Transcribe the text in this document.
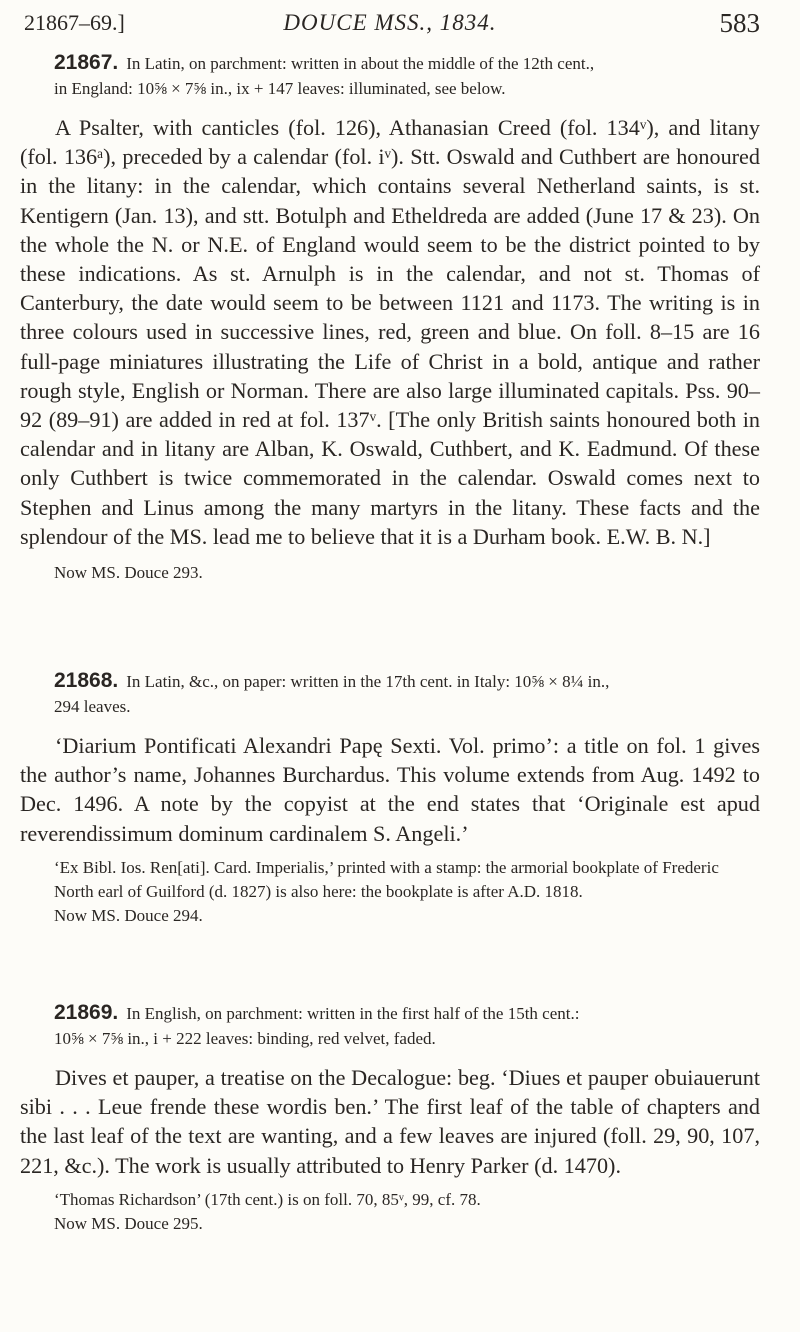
21867–69.]	DOUCE MSS., 1834.	583
21867. In Latin, on parchment: written in about the middle of the 12th cent.,
in England: 10⅝ × 7⅝ in., ix + 147 leaves: illuminated, see below.
A Psalter, with canticles (fol. 126), Athanasian Creed (fol. 134ᵛ), and litany (fol. 136ᵃ), preceded by a calendar (fol. iᵛ). Stt. Oswald and Cuthbert are honoured in the litany: in the calendar, which contains several Netherland saints, is st. Kentigern (Jan. 13), and stt. Botulph and Etheldreda are added (June 17 & 23). On the whole the N. or N.E. of England would seem to be the district pointed to by these indications. As st. Arnulph is in the calendar, and not st. Thomas of Canterbury, the date would seem to be between 1121 and 1173. The writing is in three colours used in successive lines, red, green and blue. On foll. 8–15 are 16 full-page miniatures illustrating the Life of Christ in a bold, antique and rather rough style, English or Norman. There are also large illuminated capitals. Pss. 90–92 (89–91) are added in red at fol. 137ᵛ. [The only British saints honoured both in calendar and in litany are Alban, K. Oswald, Cuthbert, and K. Eadmund. Of these only Cuthbert is twice commemorated in the calendar. Oswald comes next to Stephen and Linus among the many martyrs in the litany. These facts and the splendour of the MS. lead me to believe that it is a Durham book. E.W. B. N.]
Now MS. Douce 293.
21868. In Latin, &c., on paper: written in the 17th cent. in Italy: 10⅝ × 8¼ in.,
294 leaves.
‘Diarium Pontificati Alexandri Papę Sexti. Vol. primo’: a title on fol. 1 gives the author’s name, Johannes Burchardus. This volume extends from Aug. 1492 to Dec. 1496. A note by the copyist at the end states that ‘Originale est apud reverendissimum dominum cardinalem S. Angeli.’
‘Ex Bibl. Ios. Ren[ati]. Card. Imperialis,’ printed with a stamp: the armorial bookplate of Frederic North earl of Guilford (d. 1827) is also here: the bookplate is after A.D. 1818.
Now MS. Douce 294.
21869. In English, on parchment: written in the first half of the 15th cent.:
10⅝ × 7⅝ in., i + 222 leaves: binding, red velvet, faded.
Dives et pauper, a treatise on the Decalogue: beg. ‘Diues et pauper obuiauerunt sibi . . . Leue frende these wordis ben.’ The first leaf of the table of chapters and the last leaf of the text are wanting, and a few leaves are injured (foll. 29, 90, 107, 221, &c.). The work is usually attributed to Henry Parker (d. 1470).
‘Thomas Richardson’ (17th cent.) is on foll. 70, 85ᵛ, 99, cf. 78.
Now MS. Douce 295.
